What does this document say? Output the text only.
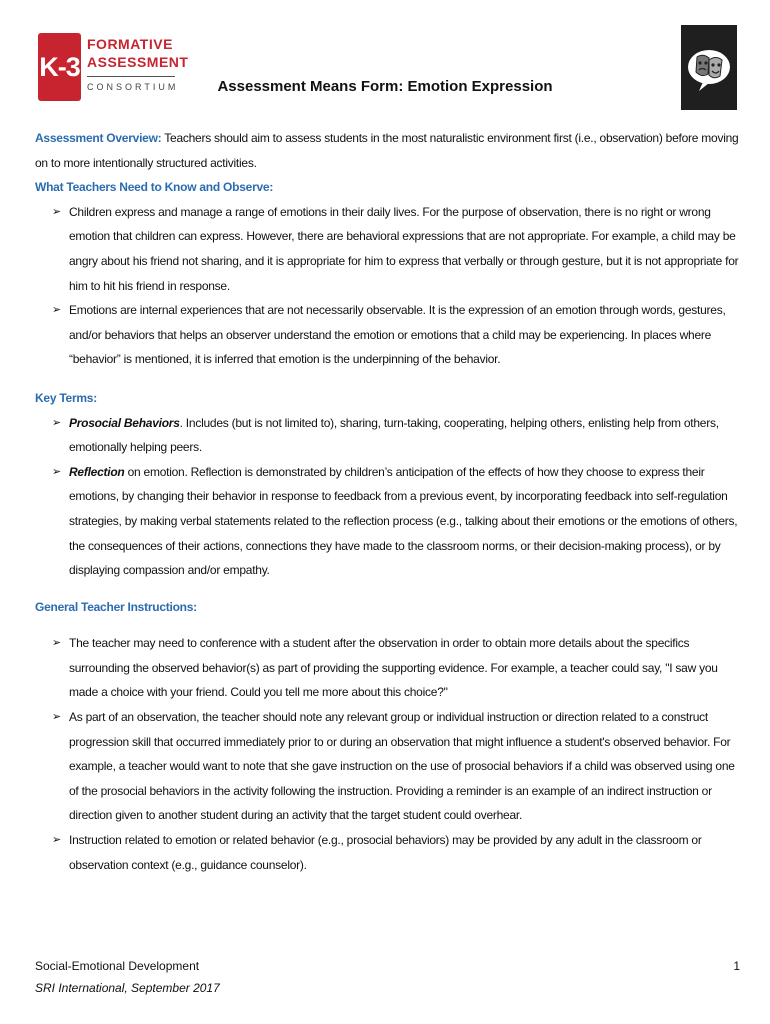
K-3
FORMATIVE
ASSESSMENT
CONSORTIUM	Assessment Means Form: Emotion Expression

Assessment Overview: Teachers should aim to assess students in the most naturalistic environment first (i.e., observation) before moving on to more intentionally structured activities.

What Teachers Need to Know and Observe:
➢ Children express and manage a range of emotions in their daily lives. For the purpose of observation, there is no right or wrong emotion that children can express. However, there are behavioral expressions that are not appropriate. For example, a child may be angry about his friend not sharing, and it is appropriate for him to express that verbally or through gesture, but it is not appropriate for him to hit his friend in response.
➢ Emotions are internal experiences that are not necessarily observable. It is the expression of an emotion through words, gestures, and/or behaviors that helps an observer understand the emotion or emotions that a child may be experiencing. In places where “behavior” is mentioned, it is inferred that emotion is the underpinning of the behavior.
Key Terms:
➢ Prosocial Behaviors. Includes (but is not limited to), sharing, turn-taking, cooperating, helping others, enlisting help from others, emotionally helping peers.
➢ Reflection on emotion. Reflection is demonstrated by children’s anticipation of the effects of how they choose to express their emotions, by changing their behavior in response to feedback from a previous event, by incorporating feedback into self-regulation strategies, by making verbal statements related to the reflection process (e.g., talking about their emotions or the emotions of others, the consequences of their actions, connections they have made to the classroom norms, or their decision-making process), or by displaying compassion and/or empathy.
General Teacher Instructions:
➢ The teacher may need to conference with a student after the observation in order to obtain more details about the specifics surrounding the observed behavior(s) as part of providing the supporting evidence. For example, a teacher could say, "I saw you made a choice with your friend. Could you tell me more about this choice?"
➢ As part of an observation, the teacher should note any relevant group or individual instruction or direction related to a construct progression skill that occurred immediately prior to or during an observation that might influence a student's observed behavior. For example, a teacher would want to note that she gave instruction on the use of prosocial behaviors if a child was observed using one of the prosocial behaviors in the activity following the instruction. Providing a reminder is an example of an indirect instruction or direction given to another student during an activity that the target student could overhear.
➢ Instruction related to emotion or related behavior (e.g., prosocial behaviors) may be provided by any adult in the classroom or observation context (e.g., guidance counselor).
Social-Emotional Development	1
SRI International, September 2017
